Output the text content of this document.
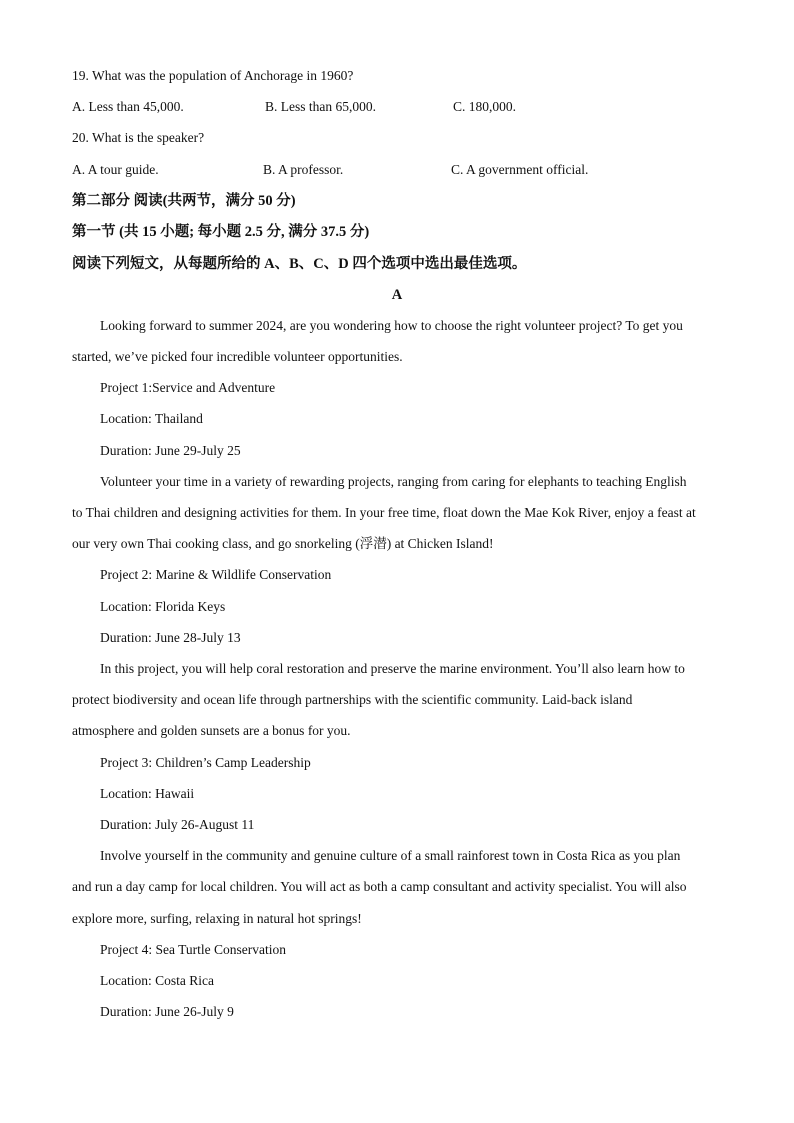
19. What was the population of Anchorage in 1960?
A. Less than 45,000.	B. Less than 65,000.	C. 180,000.
20. What is the speaker?
A. A tour guide.	B. A professor.	C. A government official.
第二部分 阅读(共两节，满分 50 分)
第一节 (共 15 小题; 每小题 2.5 分, 满分 37.5 分)
阅读下列短文，从每题所给的 A、B、C、D 四个选项中选出最佳选项。
A
Looking forward to summer 2024, are you wondering how to choose the right volunteer project? To get you
started, we’ve picked four incredible volunteer opportunities.
Project 1:Service and Adventure
Location: Thailand
Duration: June 29-July 25
Volunteer your time in a variety of rewarding projects, ranging from caring for elephants to teaching English
to Thai children and designing activities for them. In your free time, float down the Mae Kok River, enjoy a feast at
our very own Thai cooking class, and go snorkeling (浮潜) at Chicken Island!
Project 2: Marine & Wildlife Conservation
Location: Florida Keys
Duration: June 28-July 13
In this project, you will help coral restoration and preserve the marine environment. You’ll also learn how to
protect biodiversity and ocean life through partnerships with the scientific community. Laid-back island
atmosphere and golden sunsets are a bonus for you.
Project 3: Children’s Camp Leadership
Location: Hawaii
Duration: July 26-August 11
Involve yourself in the community and genuine culture of a small rainforest town in Costa Rica as you plan
and run a day camp for local children. You will act as both a camp consultant and activity specialist. You will also
explore more, surfing, relaxing in natural hot springs!
Project 4: Sea Turtle Conservation
Location: Costa Rica
Duration: June 26-July 9
